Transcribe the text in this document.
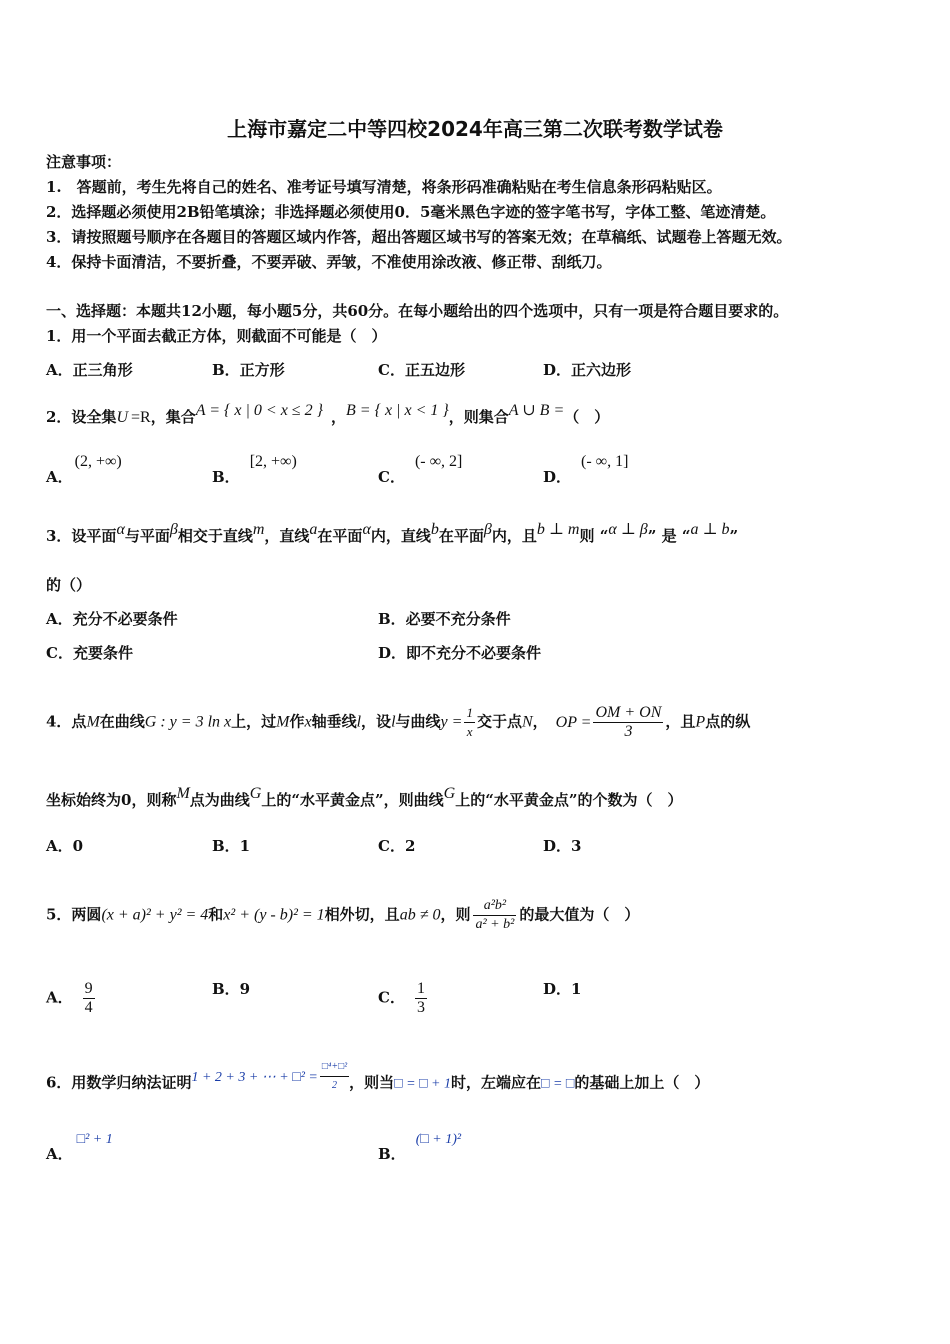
上海市嘉定二中等四校2024年高三第二次联考数学试卷
注意事项：
1.　答题前，考生先将自己的姓名、准考证号填写清楚，将条形码准确粘贴在考生信息条形码粘贴区。
2．选择题必须使用2B铅笔填涂；非选择题必须使用0．5毫米黑色字迹的签字笔书写，字体工整、笔迹清楚。
3．请按照题号顺序在各题目的答题区域内作答，超出答题区域书写的答案无效；在草稿纸、试题卷上答题无效。
4．保持卡面清洁，不要折叠，不要弄破、弄皱，不准使用涂改液、修正带、刮纸刀。
一、选择题：本题共12小题，每小题5分，共60分。在每小题给出的四个选项中，只有一项是符合题目要求的。
1．用一个平面去截正方体，则截面不可能是（　）
A．正三角形	B．正方形	C．正五边形	D．正六边形
2．设全集U =R，集合A = { x | 0 < x ≤ 2 } ，B = { x | x < 1 }，则集合A ∪ B =（　）
A．(2, +∞)
B．[2, +∞)
C．(- ∞, 2]
D．(- ∞, 1]
3．设平面α与平面β相交于直线m，直线a在平面α内，直线b在平面β内，且b ⊥ m则 “α ⊥ β” 是 “a ⊥ b”
的（）
A．充分不必要条件	B．必要不充分条件
C．充要条件	D．即不充分不必要条件
4．点M在曲线G : y = 3 ln x上，过M作x轴垂线l，设l与曲线$y = \frac{1}{x}$ 交于点N， OP = $\frac{OM + ON}{3}$ ，且P点的纵
坐标始终为0，则称M点为曲线G上的“水平黄金点”，则曲线G上的“水平黄金点”的个数为（　）
A．0	B．1	C．2	D．3
5．两圆(x + a)² + y² = 4和x² + (y - b)² = 1相外切，且ab ≠ 0，则 $\frac{\text{a²b²}}{\text{a² + b²}}$ 的最大值为（　）
A． $\frac{9}{4}$	B．9	C． $\frac{1}{3}$	D．1
6．用数学归纳法证明1 + 2 + 3 + ⋯ + □² = $\frac{\text{□⁴+□²}}{2}$ ，则当□ = □ + 1时，左端应在□ = □的基础上加上（　）
A．□² + 1
B．(□ + 1)²
